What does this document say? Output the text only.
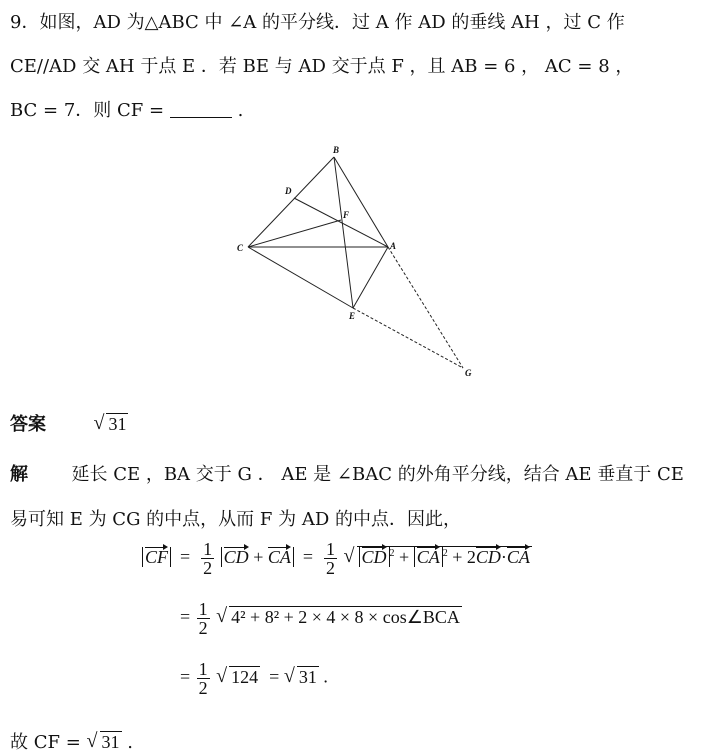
9．如图，AD 为△ABC 中 ∠A 的平分线．过 A 作 AD 的垂线 AH ，过 C 作
CE//AD 交 AH 于点 E ．若 BE 与 AD 交于点 F ，且 AB = 6 ， AC = 8 ，
BC = 7．则 CF =	.
B
D
F
C	A
E
G
答案	√ 31
解 延长 CE ，BA 交于 G ． AE 是 ∠BAC 的外角平分线，结合 AE 垂直于 CE
易可知 E 为 CG 的中点，从而 F 为 AD 的中点．因此，
CF  = $\frac{1}{2}$ CD + CA  = $\frac{1}{2}$ √ CD $^2$ + CA $^2$ + 2CD·CA
= $\frac{1}{2}$ √ 4² + 8² + 2 × 4 × 8 × cos∠BCA
= $\frac{1}{2}$ √ 124  = √ 31 .
故 CF = √ 31 .
